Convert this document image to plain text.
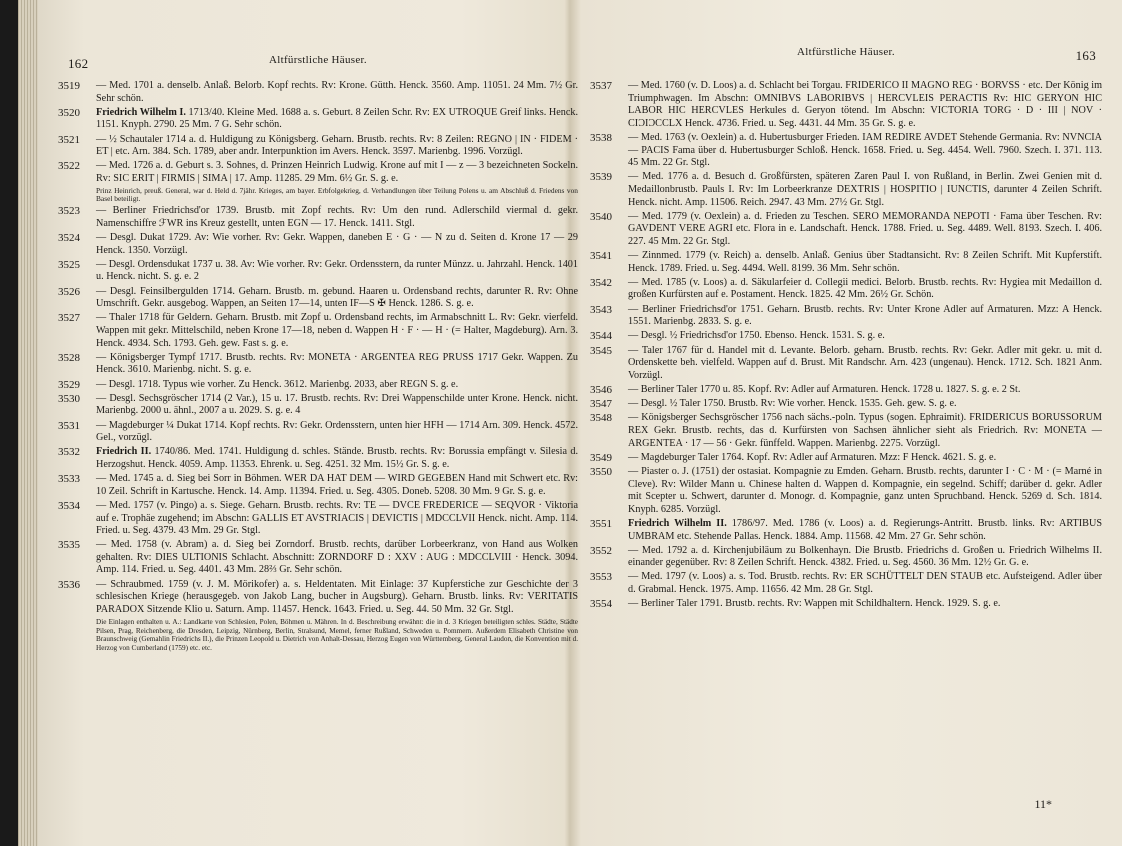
162	Altfürstliche Häuser.
3519 — Med. 1701 a. denselb. Anlaß. Belorb. Kopf rechts. Rv: Krone. Gütth. Henck. 3560. Amp. 11051. 24 Mm. 7½ Gr. Sehr schön.
3520 Friedrich Wilhelm I. 1713/40. Kleine Med. 1688 a. s. Geburt. 8 Zeilen Schr. Rv: EX UTROQUE Greif links. Henck. 1151. Knyph. 2790. 25 Mm. 7 G. Sehr schön.
3521 — ½ Schautaler 1714 a. d. Huldigung zu Königsberg. Geharn. Brustb. rechts. Rv: 8 Zeilen: REGNO | IN · FIDEM · ET | etc. Arn. 384. Sch. 1789, aber andr. Interpunktion im Avers. Henck. 3597. Marienbg. 1996. Vorzügl.
3522 — Med. 1726 a. d. Geburt s. 3. Sohnes, d. Prinzen Heinrich Ludwig. Krone auf mit I — z — 3 bezeichneten Sockeln. Rv: SIC ERIT | FIRMIS | SIMA | 17. Amp. 11285. 29 Mm. 6½ Gr. S. g. e.
Prinz Heinrich, preuß. General, war d. Held d. 7jähr. Krieges, am bayer. Erbfolgekrieg, d. Verhandlungen über Teilung Polens u. am Abschluß d. Friedens von Basel beteiligt.
3523 — Berliner Friedrichsd'or 1739. Brustb. mit Zopf rechts. Rv: Um den rund. Adlerschild viermal d. gekr. Namenschiffre ℱWR ins Kreuz gestellt, unten EGN — 17. Henck. 1411. Stgl.
3524 — Desgl. Dukat 1729. Av: Wie vorher. Rv: Gekr. Wappen, daneben E · G · — N zu d. Seiten d. Krone 17 — 29 Henck. 1350. Vorzügl.
3525 — Desgl. Ordensdukat 1737 u. 38. Av: Wie vorher. Rv: Gekr. Ordensstern, da runter Münzz. u. Jahrzahl. Henck. 1401 u. Henck. nicht. S. g. e. 2
3526 — Desgl. Feinsilbergulden 1714. Geharn. Brustb. m. gebund. Haaren u. Ordensband rechts, darunter R. Rv: Ohne Umschrift. Gekr. ausgebog. Wappen, an Seiten 17—14, unten IF—S ✠ Henck. 1286. S. g. e.
3527 — Thaler 1718 für Geldern. Geharn. Brustb. mit Zopf u. Ordensband rechts, im Armabschnitt L. Rv: Gekr. vierfeld. Wappen mit gekr. Mittelschild, neben Krone 17—18, neben d. Wappen H · F · — H · (= Halter, Magdeburg). Arn. 3. Henck. 4934. Sch. 1793. Geh. gew. Fast s. g. e.
3528 — Königsberger Tympf 1717. Brustb. rechts. Rv: MONETA · ARGENTEA REG PRUSS 1717 Gekr. Wappen. Zu Henck. 3610. Marienbg. nicht. S. g. e.
3529 — Desgl. 1718. Typus wie vorher. Zu Henck. 3612. Marienbg. 2033, aber REGN S. g. e.
3530 — Desgl. Sechsgröscher 1714 (2 Var.), 15 u. 17. Brustb. rechts. Rv: Drei Wappenschilde unter Krone. Henck. nicht. Marienbg. 2000 u. ähnl., 2007 a u. 2029. S. g. e. 4
3531 — Magdeburger ¼ Dukat 1714. Kopf rechts. Rv: Gekr. Ordensstern, unten hier HFH — 1714 Arn. 309. Henck. 4572. Gel., vorzügl.
3532 Friedrich II. 1740/86. Med. 1741. Huldigung d. schles. Stände. Brustb. rechts. Rv: Borussia empfängt v. Silesia d. Herzogshut. Henck. 4059. Amp. 11353. Ehrenk. u. Seg. 4251. 32 Mm. 15½ Gr. S. g. e.
3533 — Med. 1745 a. d. Sieg bei Sorr in Böhmen. WER DA HAT DEM — WIRD GEGEBEN Hand mit Schwert etc. Rv: 10 Zeil. Schrift in Kartusche. Henck. 14. Amp. 11394. Fried. u. Seg. 4305. Doneb. 5208. 30 Mm. 9 Gr. S. g. e.
3534 — Med. 1757 (v. Pingo) a. s. Siege. Geharn. Brustb. rechts. Rv: TE — DVCE FREDERICE — SEQVOR · Viktoria auf e. Trophäe zugehend; im Abschn: GALLIS ET AVSTRIACIS | DEVICTIS | MDCCLVII Henck. nicht. Amp. 114. Fried. u. Seg. 4379. 43 Mm. 29 Gr. Stgl.
3535 — Med. 1758 (v. Abram) a. d. Sieg bei Zorndorf. Brustb. rechts, darüber Lorbeerkranz, von Hand aus Wolken gehalten. Rv: DIES ULTIONIS Schlacht. Abschnitt: ZORNDORF D : XXV : AUG : MDCCLVIII · Henck. 3094. Amp. 114. Fried. u. Seg. 4401. 43 Mm. 28⅔ Gr. Sehr schön.
3536 — Schraubmed. 1759 (v. J. M. Mörikofer) a. s. Heldentaten. Mit Einlage: 37 Kupferstiche zur Geschichte der 3 schlesischen Kriege (herausgegeb. von Jakob Lang, bucher in Augsburg). Geharn. Brustb. links. Rv: VERITATIS PARADOX Sitzende Klio u. Saturn. Amp. 11457. Henck. 1643. Fried. u. Seg. 44. 50 Mm. 32 Gr. Stgl.
Die Einlagen enthalten u. A.: Landkarte von Schlesien, Polen, Böhmen u. Mähren. In d. Beschreibung erwähnt: die in d. 3 Kriegen beteiligten schles. Städte, Städte Pilsen, Prag, Reichenberg, die Dresden, Leipzig, Nürnberg, Berlin, Stralsund, Memel, ferner Rußland, Schweden u. Pommern. Außerdem Elisabeth Christine von Braunschweig (Gemahlin Friedrichs II.), die Prinzen Leopold u. Dietrich von Anhalt-Dessau, Herzog Eugen von Württemberg, General Laudon, die Konvention mit d. Herzog von Cumberland (1759) etc. etc.
Altfürstliche Häuser.	163
3537 — Med. 1760 (v. D. Loos) a. d. Schlacht bei Torgau. FRIDERICO II MAGNO REG · BORVSS · etc. Der König im Triumphwagen. Im Abschn: OMNIBVS LABORIBVS | HERCVLEIS PERACTIS Rv: HIC GERYON HIC LABOR HIC HERCVLES Herkules d. Geryon tötend. Im Abschn: VICTORIA TORG · D · III | NOV · CIƆIƆCCLX Henck. 4736. Fried. u. Seg. 4431. 44 Mm. 35 Gr. S. g. e.
3538 — Med. 1763 (v. Oexlein) a. d. Hubertusburger Frieden. IAM REDIRE AVDET Stehende Germania. Rv: NVNCIA — PACIS Fama über d. Hubertusburger Schloß. Henck. 1658. Fried. u. Seg. 4454. Well. 7960. Szech. I. 371. 113. 45 Mm. 22 Gr. Stgl.
3539 — Med. 1776 a. d. Besuch d. Großfürsten, späteren Zaren Paul I. von Rußland, in Berlin. Zwei Genien mit d. Medaillonbrustb. Pauls I. Rv: Im Lorbeerkranze DEXTRIS | HOSPITIO | IUNCTIS, darunter 4 Zeilen Schrift. Henck. nicht. Amp. 11506. Reich. 2947. 43 Mm. 27½ Gr. Stgl.
3540 — Med. 1779 (v. Oexlein) a. d. Frieden zu Teschen. SERO MEMORANDA NEPOTI · Fama über Teschen. Rv: GAVDENT VERE AGRI etc. Flora in e. Landschaft. Henck. 1788. Fried. u. Seg. 4489. Well. 8193. Szech. I. 406. 227. 45 Mm. 22 Gr. Stgl.
3541 — Zinnmed. 1779 (v. Reich) a. denselb. Anlaß. Genius über Stadtansicht. Rv: 8 Zeilen Schrift. Mit Kupferstift. Henck. 1789. Fried. u. Seg. 4494. Well. 8199. 36 Mm. Sehr schön.
3542 — Med. 1785 (v. Loos) a. d. Säkularfeier d. Collegii medici. Belorb. Brustb. rechts. Rv: Hygiea mit Medaillon d. großen Kurfürsten auf e. Postament. Henck. 1825. 42 Mm. 26½ Gr. Schön.
3543 — Berliner Friedrichsd'or 1751. Geharn. Brustb. rechts. Rv: Unter Krone Adler auf Armaturen. Mzz: A Henck. 1551. Marienbg. 2833. S. g. e.
3544 — Desgl. ½ Friedrichsd'or 1750. Ebenso. Henck. 1531. S. g. e.
3545 — Taler 1767 für d. Handel mit d. Levante. Belorb. geharn. Brustb. rechts. Rv: Gekr. Adler mit gekr. u. mit d. Ordenskette beh. vielfeld. Wappen auf d. Brust. Mit Randschr. Arn. 423 (ungenau). Henck. 1712. Sch. 1821 Anm. Vorzügl.
3546 — Berliner Taler 1770 u. 85. Kopf. Rv: Adler auf Armaturen. Henck. 1728 u. 1827. S. g. e. 2 St.
3547 — Desgl. ½ Taler 1750. Brustb. Rv: Wie vorher. Henck. 1535. Geh. gew. S. g. e.
3548 — Königsberger Sechsgröscher 1756 nach sächs.-poln. Typus (sogen. Ephraimit). FRIDERICUS BORUSSORUM REX Gekr. Brustb. rechts, das d. Kurfürsten von Sachsen ähnlicher sieht als Friedrich. Rv: MONETA — ARGENTEA · 17 — 56 · Gekr. fünffeld. Wappen. Marienbg. 2275. Vorzügl.
3549 — Magdeburger Taler 1764. Kopf. Rv: Adler auf Armaturen. Mzz: F Henck. 4621. S. g. e.
3550 — Piaster o. J. (1751) der ostasiat. Kompagnie zu Emden. Geharn. Brustb. rechts, darunter I · C · M · (= Marné in Cleve). Rv: Wilder Mann u. Chinese halten d. Wappen d. Kompagnie, ein segelnd. Schiff; darüber d. gekr. Adler mit Scepter u. Schwert, darunter d. Monogr. d. Kompagnie, ganz unten Spruchband. Henck. 5269 d. Sch. 1814. Knyph. 6285. Vorzügl.
3551 Friedrich Wilhelm II. 1786/97. Med. 1786 (v. Loos) a. d. Regierungs-Antritt. Brustb. links. Rv: ARTIBUS UMBRAM etc. Stehende Pallas. Henck. 1884. Amp. 11568. 42 Mm. 27 Gr. Sehr schön.
3552 — Med. 1792 a. d. Kirchenjubiläum zu Bolkenhayn. Die Brustb. Friedrichs d. Großen u. Friedrich Wilhelms II. einander gegenüber. Rv: 8 Zeilen Schrift. Henck. 4382. Fried. u. Seg. 4560. 36 Mm. 12½ Gr. G. e.
3553 — Med. 1797 (v. Loos) a. s. Tod. Brustb. rechts. Rv: ER SCHÜTTELT DEN STAUB etc. Aufsteigend. Adler über d. Grabmal. Henck. 1975. Amp. 11656. 42 Mm. 28 Gr. Stgl.
3554 — Berliner Taler 1791. Brustb. rechts. Rv: Wappen mit Schildhaltern. Henck. 1929. S. g. e.
11*
